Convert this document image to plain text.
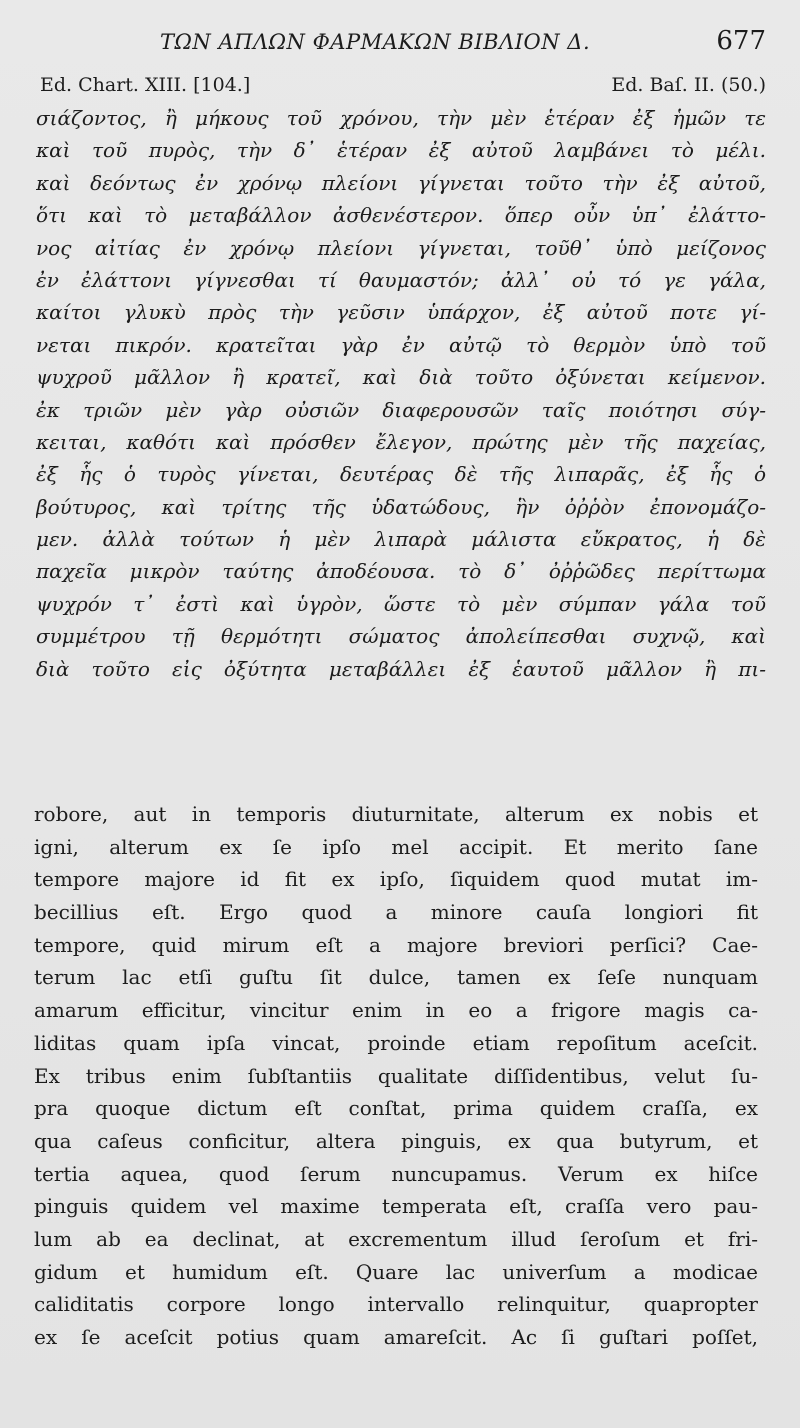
ΤΩΝ ΑΠΛΩΝ ΦΑΡΜΑΚΩΝ ΒΙΒΛΙΟΝ Δ.	677
Ed. Chart. XIII. [104.]	Ed. Baſ. II. (50.)
σιάζοντος, ἢ μήκους τοῦ χρόνου, τὴν μὲν ἑτέραν ἐξ ἡμῶν τε
καὶ τοῦ πυρὸς, τὴν δ᾽ ἑτέραν ἐξ αὐτοῦ λαμβάνει τὸ μέλι.
καὶ δεόντως ἐν χρόνῳ πλείονι γίγνεται τοῦτο τὴν ἐξ αὐτοῦ,
ὅτι καὶ τὸ μεταβάλλον ἀσθενέστερον. ὅπερ οὖν ὑπ᾽ ἐλάττο-
νος αἰτίας ἐν χρόνῳ πλείονι γίγνεται, τοῦθ᾽ ὑπὸ μείζονος
ἐν ἐλάττονι γίγνεσθαι τί θαυμαστόν; ἀλλ᾽ οὐ τό γε γάλα,
καίτοι γλυκὺ πρὸς τὴν γεῦσιν ὑπάρχον, ἐξ αὐτοῦ ποτε γί-
νεται πικρόν. κρατεῖται γὰρ ἐν αὐτῷ τὸ θερμὸν ὑπὸ τοῦ
ψυχροῦ μᾶλλον ἢ κρατεῖ, καὶ διὰ τοῦτο ὀξύνεται κείμενον.
ἐκ τριῶν μὲν γὰρ οὐσιῶν διαφερουσῶν ταῖς ποιότησι σύγ-
κειται, καθότι καὶ πρόσθεν ἔλεγον, πρώτης μὲν τῆς παχείας,
ἐξ ἧς ὁ τυρὸς γίνεται, δευτέρας δὲ τῆς λιπαρᾶς, ἐξ ἧς ὁ
βούτυρος, καὶ τρίτης τῆς ὑδατώδους, ἣν ὀῤῥὸν ἐπονομάζο-
μεν. ἀλλὰ τούτων ἡ μὲν λιπαρὰ μάλιστα εὔκρατος, ἡ δὲ
παχεῖα μικρὸν ταύτης ἀποδέουσα. τὸ δ᾽ ὀῤῥῶδες περίττωμα
ψυχρόν τ᾽ ἐστὶ καὶ ὑγρὸν, ὥστε τὸ μὲν σύμπαν γάλα τοῦ
συμμέτρου τῇ θερμότητι σώματος ἀπολείπεσθαι συχνῷ, καὶ
διὰ τοῦτο εἰς ὀξύτητα μεταβάλλει ἐξ ἑαυτοῦ μᾶλλον ἢ πι-
robore, aut in temporis diuturnitate, alterum ex nobis et
igni, alterum ex ſe ipſo mel accipit. Et merito ſane
tempore majore id fit ex ipſo, ſiquidem quod mutat im-
becillius eſt. Ergo quod a minore cauſa longiori fit
tempore, quid mirum eſt a majore breviori perſici? Cae-
terum lac etſi guſtu ſit dulce, tamen ex ſeſe nunquam
amarum efficitur, vincitur enim in eo a frigore magis ca-
liditas quam ipſa vincat, proinde etiam repoſitum aceſcit.
Ex tribus enim ſubſtantiis qualitate diſſidentibus, velut ſu-
pra quoque dictum eſt conſtat, prima quidem craſſa, ex
qua caſeus conficitur, altera pinguis, ex qua butyrum, et
tertia aquea, quod ſerum nuncupamus. Verum ex hiſce
pinguis quidem vel maxime temperata eſt, craſſa vero pau-
lum ab ea declinat, at excrementum illud ſeroſum et fri-
gidum et humidum eſt. Quare lac univerſum a modicae
caliditatis corpore longo intervallo relinquitur, quapropter
ex ſe aceſcit potius quam amareſcit. Ac ſi guſtari poſſet,
